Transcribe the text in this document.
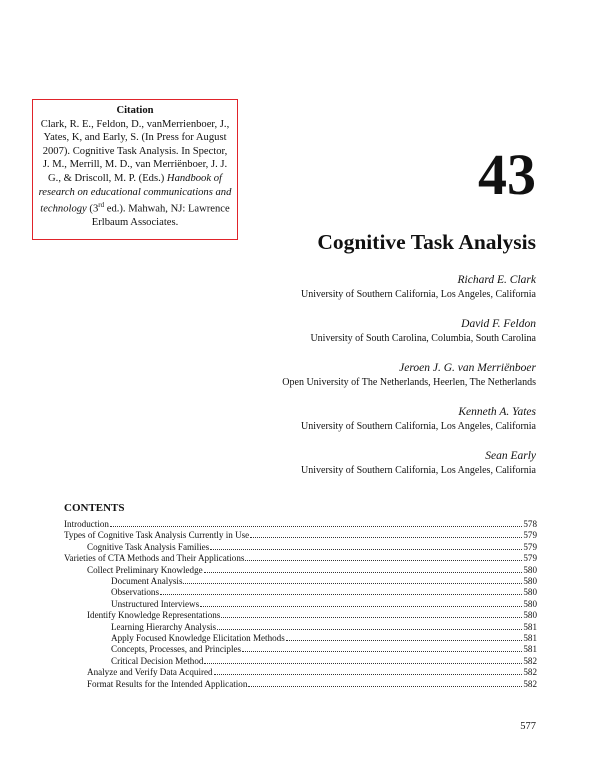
Citation
Clark, R. E., Feldon, D., vanMerrienboer, J., Yates, K, and Early, S. (In Press for August 2007). Cognitive Task Analysis. In Spector, J. M., Merrill, M. D., van Merriënboer, J. J. G., & Driscoll, M. P. (Eds.) Handbook of research on educational communications and technology (3rd ed.). Mahwah, NJ: Lawrence Erlbaum Associates.
43
Cognitive Task Analysis
Richard E. Clark
University of Southern California, Los Angeles, California
David F. Feldon
University of South Carolina, Columbia, South Carolina
Jeroen J. G. van Merriënboer
Open University of The Netherlands, Heerlen, The Netherlands
Kenneth A. Yates
University of Southern California, Los Angeles, California
Sean Early
University of Southern California, Los Angeles, California
CONTENTS
Introduction	578
Types of Cognitive Task Analysis Currently in Use	579
Cognitive Task Analysis Families	579
Varieties of CTA Methods and Their Applications	579
Collect Preliminary Knowledge	580
Document Analysis	580
Observations	580
Unstructured Interviews	580
Identify Knowledge Representations	580
Learning Hierarchy Analysis	581
Apply Focused Knowledge Elicitation Methods	581
Concepts, Processes, and Principles	581
Critical Decision Method	582
Analyze and Verify Data Acquired	582
Format Results for the Intended Application	582
577
